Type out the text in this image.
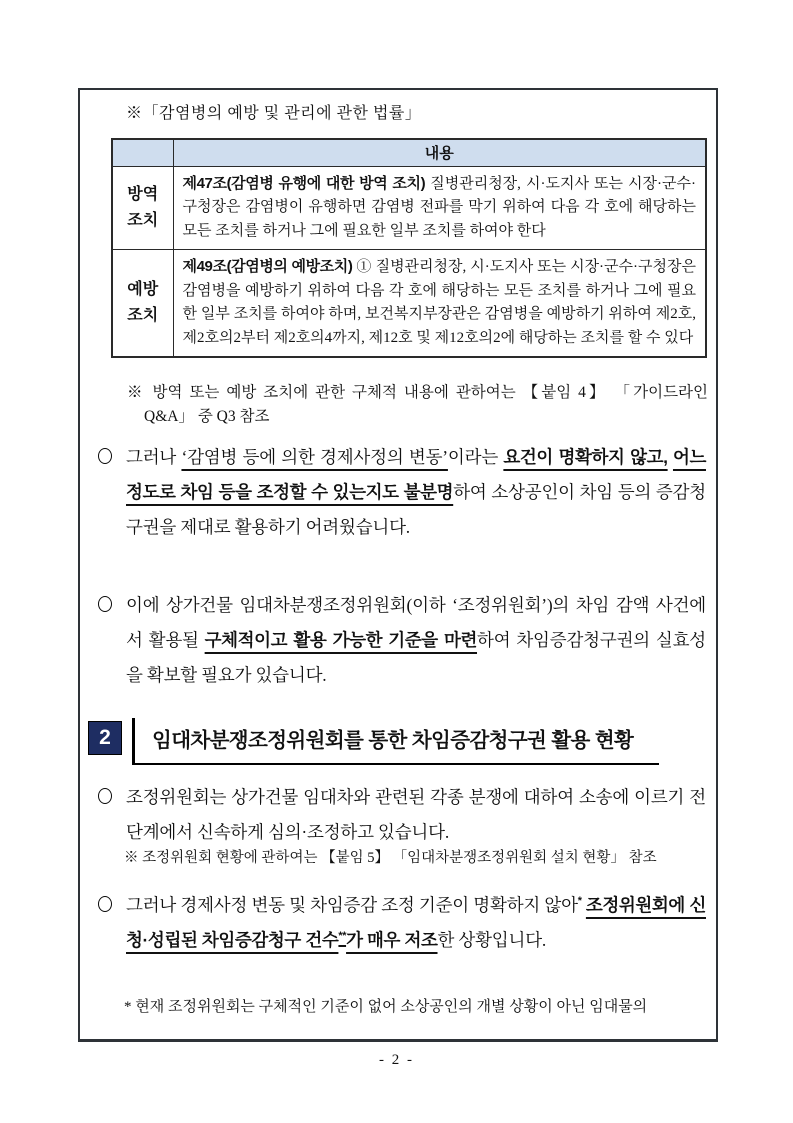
※「감염병의 예방 및 관리에 관한 법률」
	내용
방역 조치	제47조(감염병 유행에 대한 방역 조치) 질병관리청장, 시·도지사 또는 시장·군수·구청장은 감염병이 유행하면 감염병 전파를 막기 위하여 다음 각 호에 해당하는 모든 조치를 하거나 그에 필요한 일부 조치를 하여야 한다
예방 조치	제49조(감염병의 예방조치) ① 질병관리청장, 시·도지사 또는 시장·군수·구청장은 감염병을 예방하기 위하여 다음 각 호에 해당하는 모든 조치를 하거나 그에 필요한 일부 조치를 하여야 하며, 보건복지부장관은 감염병을 예방하기 위하여 제2호, 제2호의2부터 제2호의4까지, 제12호 및 제12호의2에 해당하는 조치를 할 수 있다
※ 방역 또는 예방 조치에 관한 구체적 내용에 관하여는 【붙임 4】 「가이드라인 Q&A」 중 Q3 참조
그러나 ‘감염병 등에 의한 경제사정의 변동’이라는 요건이 명확하지 않고, 어느 정도로 차임 등을 조정할 수 있는지도 불분명하여 소상공인이 차임 등의 증감청구권을 제대로 활용하기 어려웠습니다.
이에 상가건물 임대차분쟁조정위원회(이하 ‘조정위원회’)의 차임 감액 사건에서 활용될 구체적이고 활용 가능한 기준을 마련하여 차임증감청구권의 실효성을 확보할 필요가 있습니다.
2	임대차분쟁조정위원회를 통한 차임증감청구권 활용 현황
조정위원회는 상가건물 임대차와 관련된 각종 분쟁에 대하여 소송에 이르기 전 단계에서 신속하게 심의·조정하고 있습니다.
※ 조정위원회 현황에 관하여는 【붙임 5】 「임대차분쟁조정위원회 설치 현황」 참조
그러나 경제사정 변동 및 차임증감 조정 기준이 명확하지 않아* 조정위원회에 신청·성립된 차임증감청구 건수**가 매우 저조한 상황입니다.
* 현재 조정위원회는 구체적인 기준이 없어 소상공인의 개별 상황이 아닌 임대물의
- 2 -
